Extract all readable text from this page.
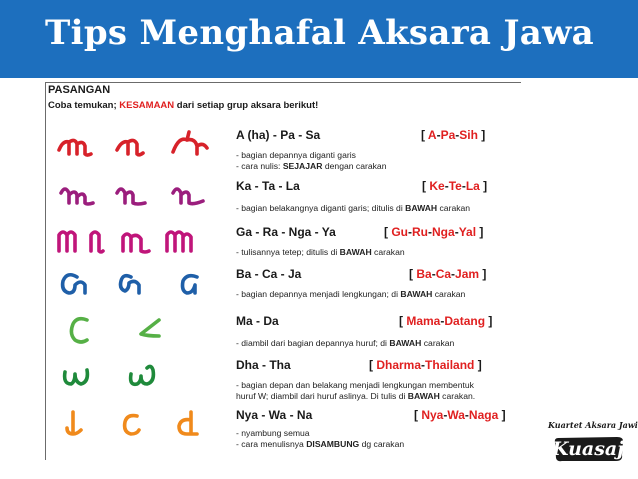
Tips Menghafal Aksara Jawa
PASANGAN
Coba temukan; KESAMAAN dari setiap grup aksara berikut!
A (ha) - Pa - Sa	[ A-Pa-Sih ]
- bagian depannya diganti garis
- cara nulis: SEJAJAR dengan carakan
Ka - Ta - La	[ Ke-Te-La ]
- bagian belakangnya diganti garis; ditulis di BAWAH carakan
Ga - Ra - Nga - Ya	[ Gu-Ru-Nga-Yal ]
- tulisannya tetep; ditulis di BAWAH carakan
Ba - Ca - Ja	[ Ba-Ca-Jam ]
- bagian depannya menjadi lengkungan; di BAWAH carakan
Ma - Da	[ Mama-Datang ]
- diambil dari bagian depannya huruf; di BAWAH carakan
Dha - Tha	[ Dharma-Thailand ]
- bagian depan dan belakang menjadi lengkungan membentuk
huruf W; diambil dari huruf aslinya. Di tulis di BAWAH carakan.
Nya - Wa - Na	[ Nya-Wa-Naga ]
- nyambung semua
- cara menulisnya DISAMBUNG dg carakan
Kuartet Aksara Jawi
Kuasaji
